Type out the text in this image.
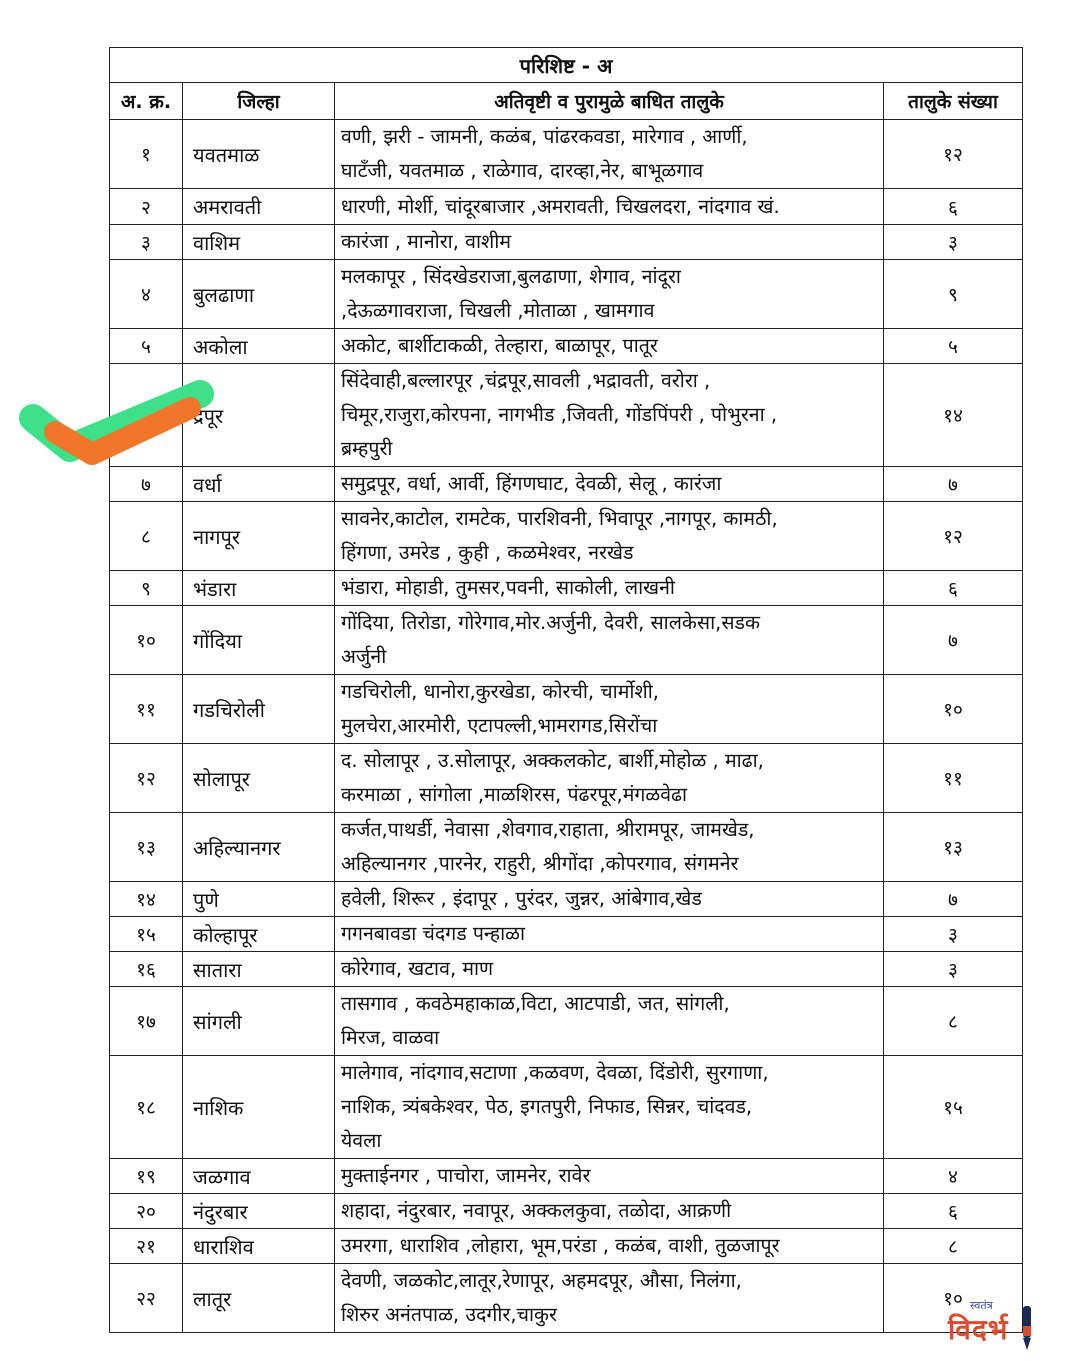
परिशिष्ट - अ			
अ. क्र.	जिल्हा	अतिवृष्टी व पुरामुळे बाधित तालुके	तालुके संख्या
१	यवतमाळ	वणी, झरी - जामनी, कळंब, पांढरकवडा, मारेगाव , आर्णी,
घाटँजी, यवतमाळ , राळेगाव, दारव्हा,नेर, बाभूळगाव	१२
२	अमरावती	धारणी, मोर्शी, चांदूरबाजार ,अमरावती, चिखलदरा, नांदगाव खं.	६
३	वाशिम	कारंजा , मानोरा, वाशीम	३
४	बुलढाणा	मलकापूर , सिंदखेडराजा,बुलढाणा, शेगाव, नांदूरा
,देऊळगावराजा, चिखली ,मोताळा , खामगाव	९
५	अकोला	अकोट, बार्शीटाकळी, तेल्हारा, बाळापूर, पातूर	५
	द्रपूर	सिंदेवाही,बल्लारपूर ,चंद्रपूर,सावली ,भद्रावती, वरोरा ,
चिमूर,राजुरा,कोरपना, नागभीड ,जिवती, गोंडपिंपरी , पोभुरना ,
ब्रम्हपुरी	१४
७	वर्धा	समुद्रपूर, वर्धा, आर्वी, हिंगणघाट, देवळी, सेलू , कारंजा	७
८	नागपूर	सावनेर,काटोल, रामटेक, पारशिवनी, भिवापूर ,नागपूर, कामठी,
हिंगणा, उमरेड , कुही , कळमेश्वर, नरखेड	१२
९	भंडारा	भंडारा, मोहाडी, तुमसर,पवनी, साकोली, लाखनी	६
१०	गोंदिया	गोंदिया, तिरोडा, गोरेगाव,मोर.अर्जुनी, देवरी, सालकेसा,सडक
अर्जुनी	७
११	गडचिरोली	गडचिरोली, धानोरा,कुरखेडा, कोरची, चार्मोशी,
मुलचेरा,आरमोरी, एटापल्ली,भामरागड,सिरोंचा	१०
१२	सोलापूर	द. सोलापूर , उ.सोलापूर, अक्कलकोट, बार्शी,मोहोळ , माढा,
करमाळा , सांगोला ,माळशिरस, पंढरपूर,मंगळवेढा	११
१३	अहिल्यानगर	कर्जत,पाथर्डी, नेवासा ,शेवगाव,राहाता, श्रीरामपूर, जामखेड,
अहिल्यानगर ,पारनेर, राहुरी, श्रीगोंदा ,कोपरगाव, संगमनेर	१३
१४	पुणे	हवेली, शिरूर , इंदापूर , पुरंदर, जुन्नर, आंबेगाव,खेड	७
१५	कोल्हापूर	गगनबावडा चंदगड पन्हाळा	३
१६	सातारा	कोरेगाव, खटाव, माण	३
१७	सांगली	तासगाव , कवठेमहाकाळ,विटा, आटपाडी, जत, सांगली,
मिरज, वाळवा	८
१८	नाशिक	मालेगाव, नांदगाव,सटाणा ,कळवण, देवळा, दिंडोरी, सुरगाणा,
नाशिक, त्र्यंबकेश्वर, पेठ, इगतपुरी, निफाड, सिन्नर, चांदवड,
येवला	१५
१९	जळगाव	मुक्ताईनगर , पाचोरा, जामनेर, रावेर	४
२०	नंदुरबार	शहादा, नंदुरबार, नवापूर, अक्कलकुवा, तळोदा, आक्रणी	६
२१	धाराशिव	उमरगा, धाराशिव ,लोहारा, भूम,परंडा , कळंब, वाशी, तुळजापूर	८
२२	लातूर	देवणी, जळकोट,लातूर,रेणापूर, अहमदपूर, औसा, निलंगा,
शिरुर अनंतपाळ, उदगीर,चाकुर	१० स्वतंत्र
विदर्भ
